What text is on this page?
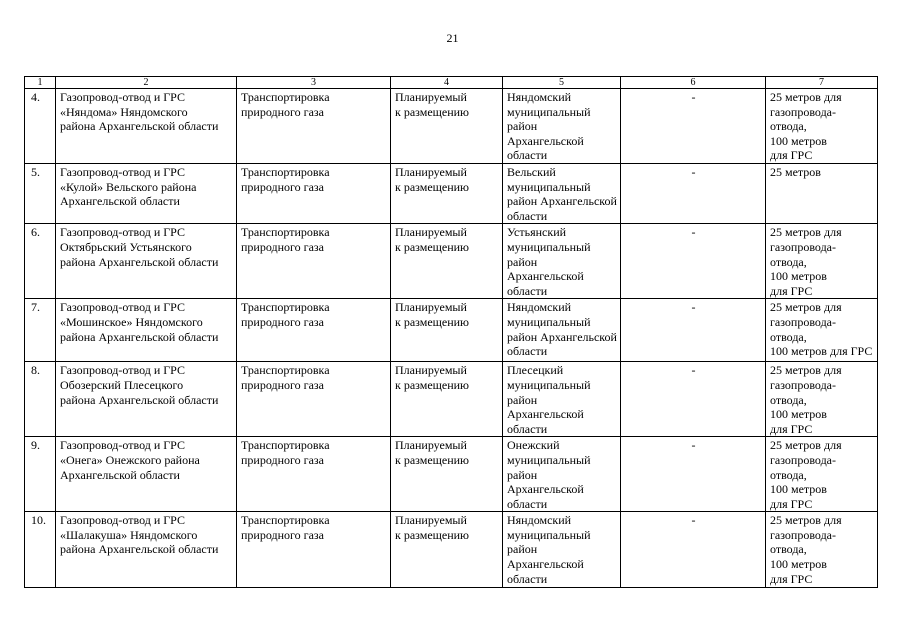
21
1	2	3	4	5	6	7
4.	Газопровод-отвод и ГРС
«Няндома» Няндомского
района Архангельской области	Транспортировка
природного газа	Планируемый
к размещению	Няндомский
муниципальный
район
Архангельской
области	-	25 метров для
газопровода-
отвода,
100 метров
для ГРС

5.	Газопровод-отвод и ГРС
«Кулой» Вельского района
Архангельской области	Транспортировка
природного газа	Планируемый
к размещению	Вельский
муниципальный
район Архангельской
области	-	25 метров

6.	Газопровод-отвод и ГРС
Октябрьский Устьянского
района Архангельской области	Транспортировка
природного газа	Планируемый
к размещению	Устьянский
муниципальный
район
Архангельской
области	-	25 метров для
газопровода-
отвода,
100 метров
для ГРС

7.	Газопровод-отвод и ГРС
«Мошинское» Няндомского
района Архангельской области	Транспортировка
природного газа	Планируемый
к размещению	Няндомский
муниципальный
район Архангельской
области	-	25 метров для
газопровода-
отвода,
100 метров для ГРС

8.	Газопровод-отвод и ГРС
Обозерский Плесецкого
района Архангельской области	Транспортировка
природного газа	Планируемый
к размещению	Плесецкий
муниципальный
район
Архангельской
области	-	25 метров для
газопровода-
отвода,
100 метров
для ГРС

9.	Газопровод-отвод и ГРС
«Онега» Онежского района
Архангельской области	Транспортировка
природного газа	Планируемый
к размещению	Онежский
муниципальный
район
Архангельской
области	-	25 метров для
газопровода-
отвода,
100 метров
для ГРС

10.	Газопровод-отвод и ГРС
«Шалакуша» Няндомского
района Архангельской области	Транспортировка
природного газа	Планируемый
к размещению	Няндомский
муниципальный
район
Архангельской
области	-	25 метров для
газопровода-
отвода,
100 метров
для ГРС
